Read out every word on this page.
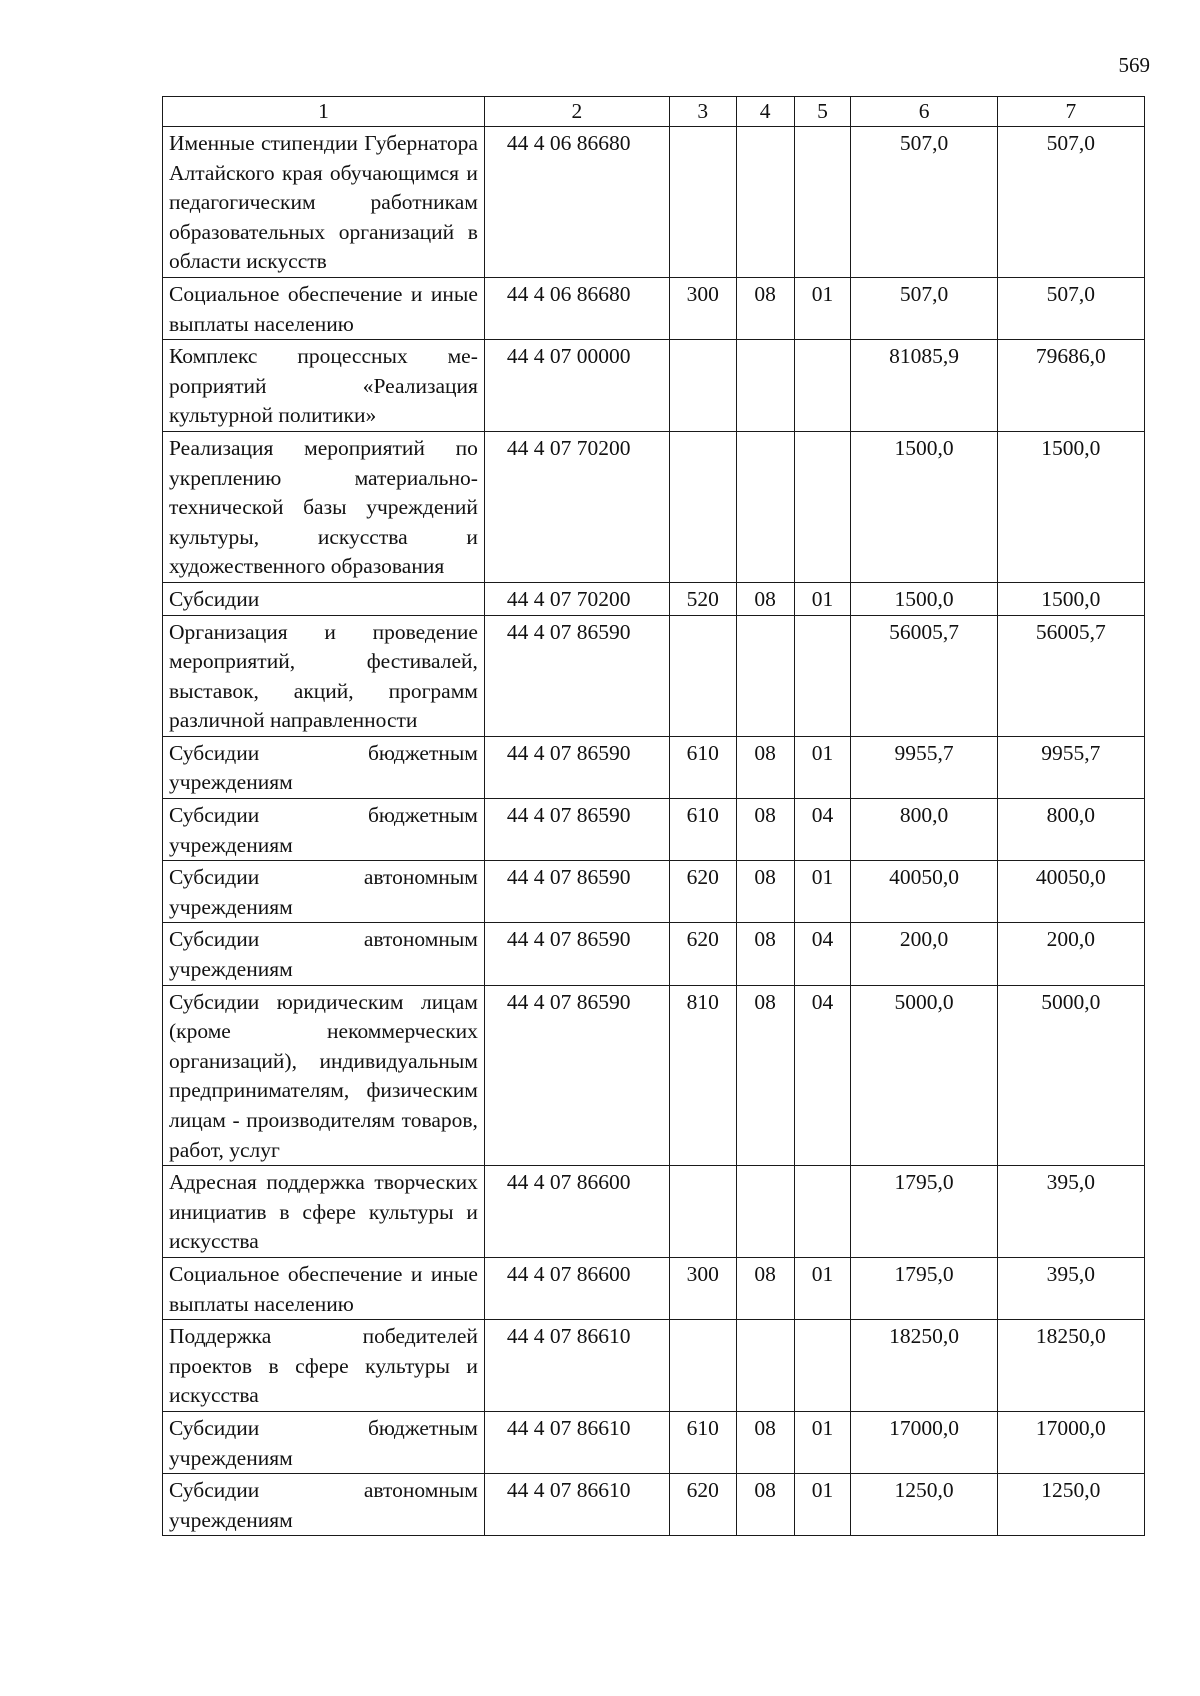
569
1	2	3	4	5	6	7
Именные стипендии Губернатора Алтайского края обучающимся и педагогическим работникам образовательных организаций в области искусств	44 4 06 86680				507,0	507,0
Социальное обеспечение и иные выплаты населению	44 4 06 86680	300	08	01	507,0	507,0
Комплекс процессных мероприятий «Реализация культурной политики»	44 4 07 00000				81085,9	79686,0
Реализация мероприятий по укреплению материально-технической базы учреждений культуры, искусства и художественного образования	44 4 07 70200				1500,0	1500,0
Субсидии	44 4 07 70200	520	08	01	1500,0	1500,0
Организация и проведение мероприятий, фестивалей, выставок, акций, программ различной направленности	44 4 07 86590				56005,7	56005,7
Субсидии бюджетным учреждениям	44 4 07 86590	610	08	01	9955,7	9955,7
Субсидии бюджетным учреждениям	44 4 07 86590	610	08	04	800,0	800,0
Субсидии автономным учреждениям	44 4 07 86590	620	08	01	40050,0	40050,0
Субсидии автономным учреждениям	44 4 07 86590	620	08	04	200,0	200,0
Субсидии юридическим лицам (кроме некоммерческих организаций), индивидуальным предпринимателям, физическим лицам - производителям товаров, работ, услуг	44 4 07 86590	810	08	04	5000,0	5000,0
Адресная поддержка творческих инициатив в сфере культуры и искусства	44 4 07 86600				1795,0	395,0
Социальное обеспечение и иные выплаты населению	44 4 07 86600	300	08	01	1795,0	395,0
Поддержка победителей проектов в сфере культуры и искусства	44 4 07 86610				18250,0	18250,0
Субсидии бюджетным учреждениям	44 4 07 86610	610	08	01	17000,0	17000,0
Субсидии автономным учреждениям	44 4 07 86610	620	08	01	1250,0	1250,0
